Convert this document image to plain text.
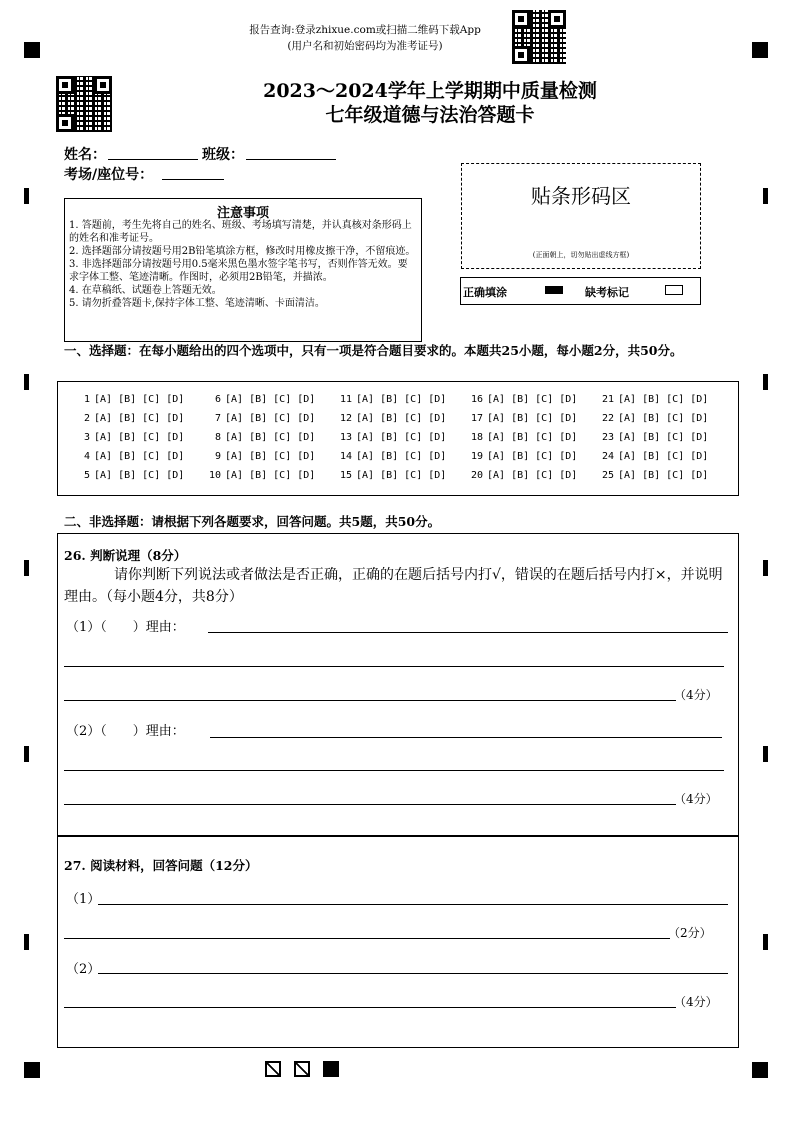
报告查询:登录zhixue.com或扫描二维码下载App
(用户名和初始密码均为准考证号)
2023～2024学年上学期期中质量检测
七年级道德与法治答题卡
姓名：	班级：
考场/座位号：
贴条形码区
(正面朝上，切勿贴出虚线方框)
正确填涂	缺考标记
注意事项
1. 答题前，考生先将自己的姓名、班级、考场填写清楚，并认真核对条形码上的姓名和准考证号。
2. 选择题部分请按题号用2B铅笔填涂方框，修改时用橡皮擦干净，不留痕迹。
3. 非选择题部分请按题号用0.5毫米黑色墨水签字笔书写，否则作答无效。要求字体工整、笔迹清晰。作图时，必须用2B铅笔，并描浓。
4. 在草稿纸、试题卷上答题无效。
5. 请勿折叠答题卡,保持字体工整、笔迹清晰、卡面清洁。
一、选择题：在每小题给出的四个选项中，只有一项是符合题目要求的。本题共25小题，每小题2分，共50分。
1 [A] [B] [C] [D]
2 [A] [B] [C] [D]
3 [A] [B] [C] [D]
4 [A] [B] [C] [D]
5 [A] [B] [C] [D]
6 [A] [B] [C] [D]
7 [A] [B] [C] [D]
8 [A] [B] [C] [D]
9 [A] [B] [C] [D]
10 [A] [B] [C] [D]
11 [A] [B] [C] [D]
12 [A] [B] [C] [D]
13 [A] [B] [C] [D]
14 [A] [B] [C] [D]
15 [A] [B] [C] [D]
16 [A] [B] [C] [D]
17 [A] [B] [C] [D]
18 [A] [B] [C] [D]
19 [A] [B] [C] [D]
20 [A] [B] [C] [D]
21 [A] [B] [C] [D]
22 [A] [B] [C] [D]
23 [A] [B] [C] [D]
24 [A] [B] [C] [D]
25 [A] [B] [C] [D]
二、非选择题：请根据下列各题要求，回答问题。共5题，共50分。
26. 判断说理（8分）
请你判断下列说法或者做法是否正确，正确的在题后括号内打√，错误的在题后括号内打×，并说明理由。（每小题4分，共8分）
（1）（　　）理由：
（4分）
（2）（　　）理由：
（4分）
27. 阅读材料，回答问题（12分）
（1）
（2分）
（2）
（4分）
